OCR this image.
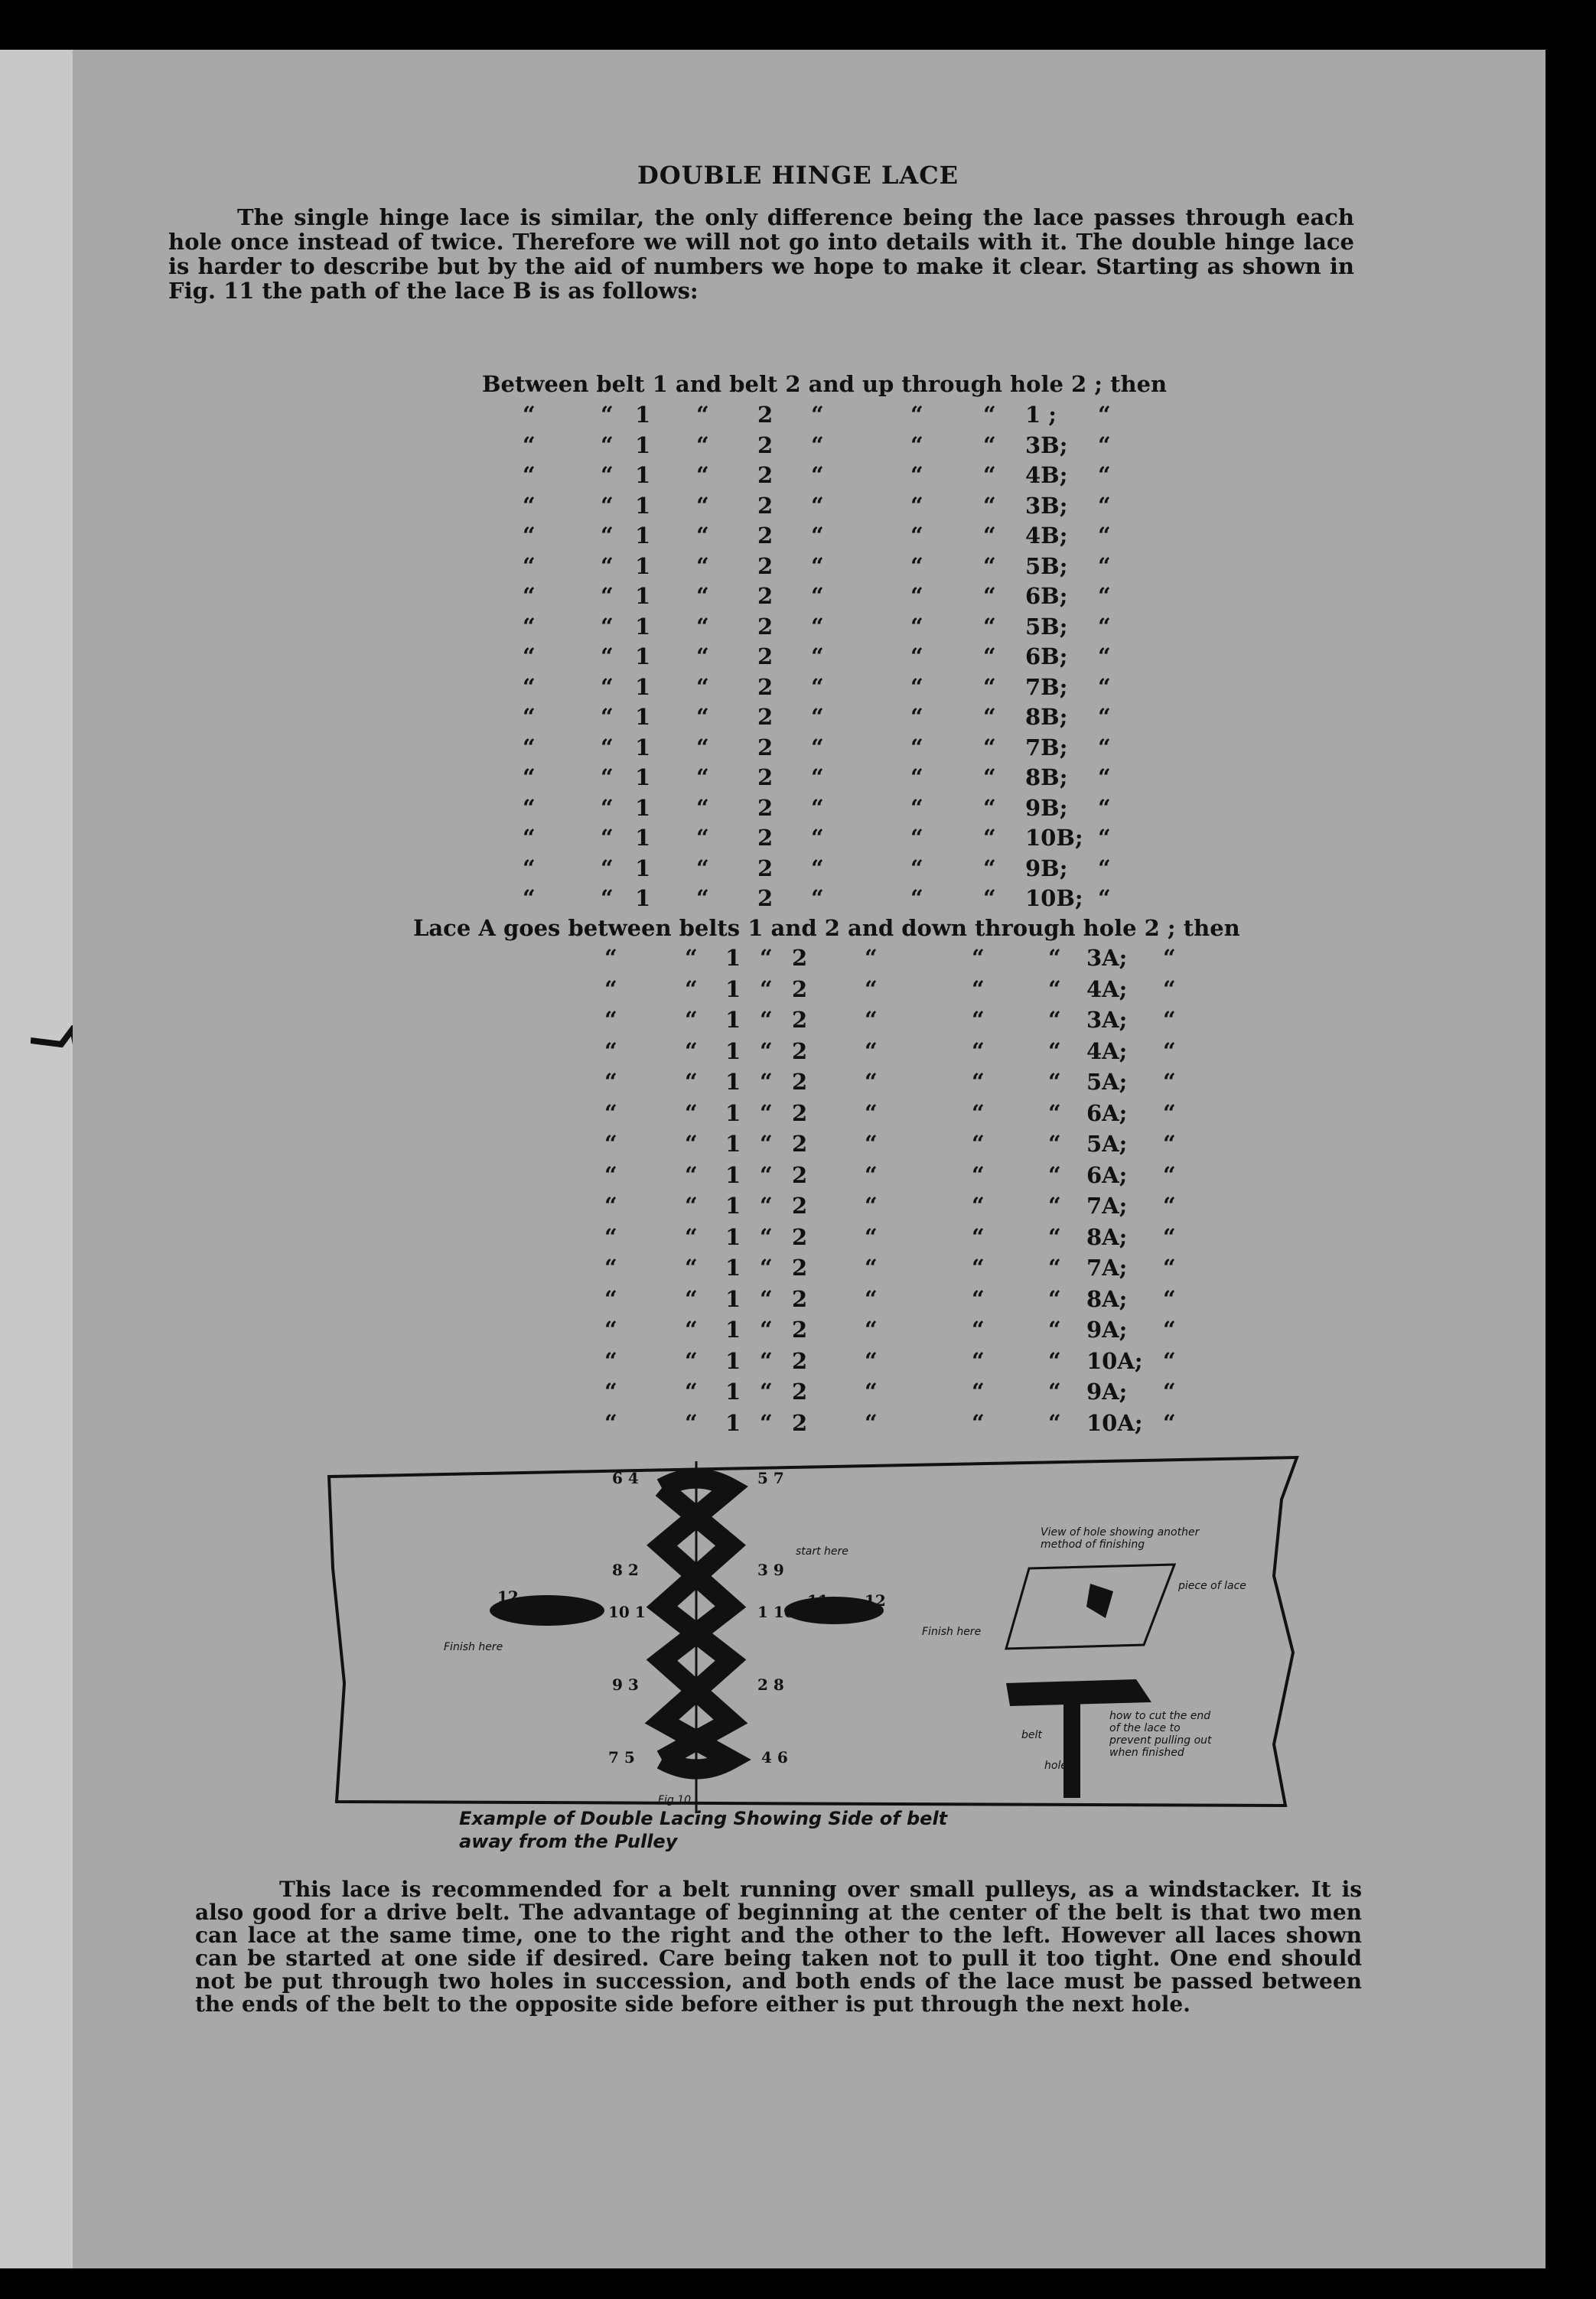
DOUBLE HINGE LACE
The single hinge lace is similar, the only difference being the lace passes through each hole once instead of twice. Therefore we will not go into details with it. The double hinge lace is harder to describe but by the aid of numbers we hope to make it clear. Starting as shown in Fig. 11 the path of the lace B is as follows:
Between belt 1 and belt 2 and up through hole 2 ; then
“	“ 1 “ 2 “	“	“ 1 ; “
“	“ 1 “ 2 “	“	“ 3B; “
“	“ 1 “ 2 “	“	“ 4B; “
“	“ 1 “ 2 “	“	“ 3B; “
“	“ 1 “ 2 “	“	“ 4B; “
“	“ 1 “ 2 “	“	“ 5B; “
“	“ 1 “ 2 “	“	“ 6B; “
“	“ 1 “ 2 “	“	“ 5B; “
“	“ 1 “ 2 “	“	“ 6B; “
“	“ 1 “ 2 “	“	“ 7B; “
“	“ 1 “ 2 “	“	“ 8B; “
“	“ 1 “ 2 “	“	“ 7B; “
“	“ 1 “ 2 “	“	“ 8B; “
“	“ 1 “ 2 “	“	“ 9B; “
“	“ 1 “ 2 “	“	“ 10B; “
“	“ 1 “ 2 “	“	“ 9B; “
“	“ 1 “ 2 “	“	“ 10B; “
Lace A goes between belts 1 and 2 and down through hole 2 ; then
“	“ 1 “ 2	“	“	“ 3A; “
“	“ 1 “ 2	“	“	“ 4A; “
“	“ 1 “ 2	“	“	“ 3A; “
“	“ 1 “ 2	“	“	“ 4A; “
“	“ 1 “ 2	“	“	“ 5A; “
“	“ 1 “ 2	“	“	“ 6A; “
“	“ 1 “ 2	“	“	“ 5A; “
“	“ 1 “ 2	“	“	“ 6A; “
“	“ 1 “ 2	“	“	“ 7A; “
“	“ 1 “ 2	“	“	“ 8A; “
“	“ 1 “ 2	“	“	“ 7A; “
“	“ 1 “ 2	“	“	“ 8A; “
“	“ 1 “ 2	“	“	“ 9A; “
“	“ 1 “ 2	“	“	“ 10A; “
“	“ 1 “ 2	“	“	“ 9A; “
“	“ 1 “ 2	“	“	“ 10A; “
6 4	5 7
8 2	3 9
10 1	1 10
9 3	2 8
7 5	4 6
12	11 12
start here
Finish here
Finish here
View of hole showing another method of finishing
piece of lace
how to cut the end of the lace to prevent pulling out when finished
belt
hole
Fig 10
Example of Double Lacing Showing Side of belt
away from the Pulley
This lace is recommended for a belt running over small pulleys, as a windstacker. It is also good for a drive belt. The advantage of beginning at the center of the belt is that two men can lace at the same time, one to the right and the other to the left. However all laces shown can be started at one side if desired. Care being taken not to pull it too tight. One end should not be put through two holes in succession, and both ends of the lace must be passed between the ends of the belt to the opposite side before either is put through the next hole.
